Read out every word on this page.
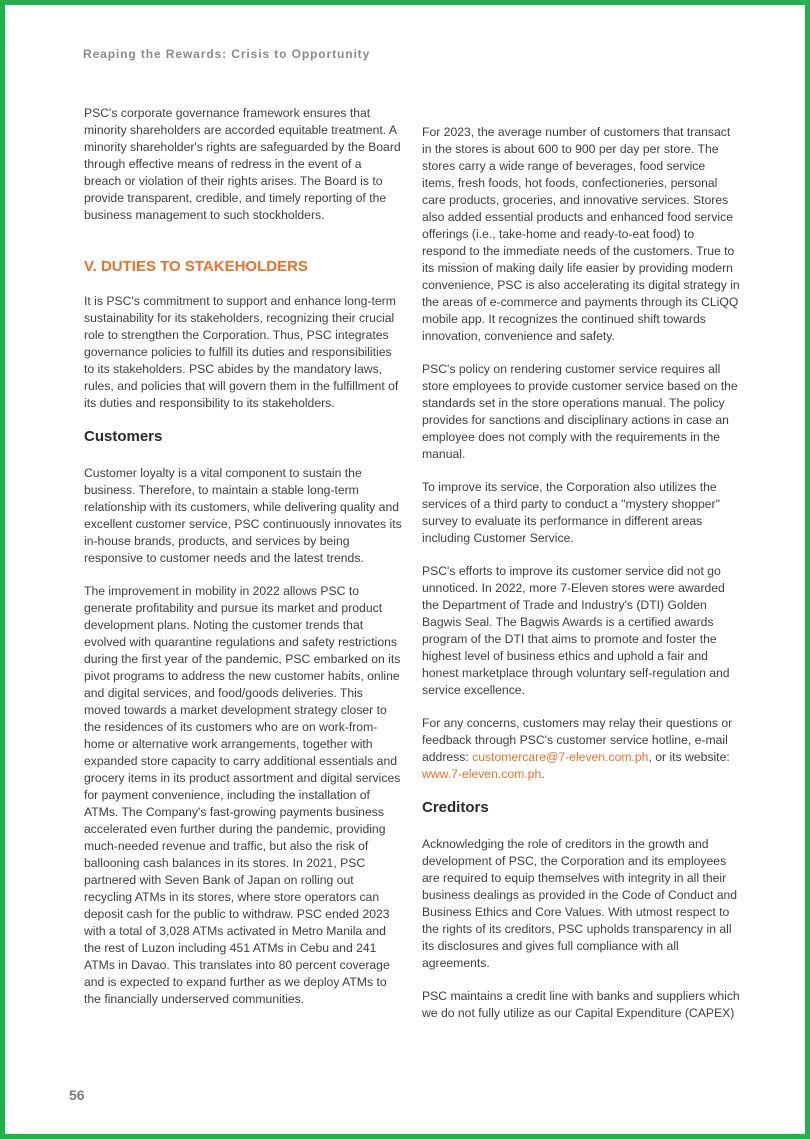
Reaping the Rewards: Crisis to Opportunity

PSC's corporate governance framework ensures that minority shareholders are accorded equitable treatment. A minority shareholder's rights are safeguarded by the Board through effective means of redress in the event of a breach or violation of their rights arises. The Board is to provide transparent, credible, and timely reporting of the business management to such stockholders.

V. DUTIES TO STAKEHOLDERS

It is PSC's commitment to support and enhance long-term sustainability for its stakeholders, recognizing their crucial role to strengthen the Corporation. Thus, PSC integrates governance policies to fulfill its duties and responsibilities to its stakeholders. PSC abides by the mandatory laws, rules, and policies that will govern them in the fulfillment of its duties and responsibility to its stakeholders.

Customers

Customer loyalty is a vital component to sustain the business. Therefore, to maintain a stable long-term relationship with its customers, while delivering quality and excellent customer service, PSC continuously innovates its in-house brands, products, and services by being responsive to customer needs and the latest trends.

The improvement in mobility in 2022 allows PSC to generate profitability and pursue its market and product development plans. Noting the customer trends that evolved with quarantine regulations and safety restrictions during the first year of the pandemic, PSC embarked on its pivot programs to address the new customer habits, online and digital services, and food/goods deliveries. This moved towards a market development strategy closer to the residences of its customers who are on work-from-home or alternative work arrangements, together with expanded store capacity to carry additional essentials and grocery items in its product assortment and digital services for payment convenience, including the installation of ATMs. The Company's fast-growing payments business accelerated even further during the pandemic, providing much-needed revenue and traffic, but also the risk of ballooning cash balances in its stores. In 2021, PSC partnered with Seven Bank of Japan on rolling out recycling ATMs in its stores, where store operators can deposit cash for the public to withdraw. PSC ended 2023 with a total of 3,028 ATMs activated in Metro Manila and the rest of Luzon including 451 ATMs in Cebu and 241 ATMs in Davao. This translates into 80 percent coverage and is expected to expand further as we deploy ATMs to the financially underserved communities.

For 2023, the average number of customers that transact in the stores is about 600 to 900 per day per store. The stores carry a wide range of beverages, food service items, fresh foods, hot foods, confectioneries, personal care products, groceries, and innovative services. Stores also added essential products and enhanced food service offerings (i.e., take-home and ready-to-eat food) to respond to the immediate needs of the customers. True to its mission of making daily life easier by providing modern convenience, PSC is also accelerating its digital strategy in the areas of e-commerce and payments through its CLiQQ mobile app. It recognizes the continued shift towards innovation, convenience and safety.

PSC's policy on rendering customer service requires all store employees to provide customer service based on the standards set in the store operations manual. The policy provides for sanctions and disciplinary actions in case an employee does not comply with the requirements in the manual.

To improve its service, the Corporation also utilizes the services of a third party to conduct a "mystery shopper" survey to evaluate its performance in different areas including Customer Service.

PSC's efforts to improve its customer service did not go unnoticed. In 2022, more 7-Eleven stores were awarded the Department of Trade and Industry's (DTI) Golden Bagwis Seal. The Bagwis Awards is a certified awards program of the DTI that aims to promote and foster the highest level of business ethics and uphold a fair and honest marketplace through voluntary self-regulation and service excellence.

For any concerns, customers may relay their questions or feedback through PSC's customer service hotline, e-mail address: customercare@7-eleven.com.ph, or its website: www.7-eleven.com.ph.

Creditors

Acknowledging the role of creditors in the growth and development of PSC, the Corporation and its employees are required to equip themselves with integrity in all their business dealings as provided in the Code of Conduct and Business Ethics and Core Values. With utmost respect to the rights of its creditors, PSC upholds transparency in all its disclosures and gives full compliance with all agreements.

PSC maintains a credit line with banks and suppliers which we do not fully utilize as our Capital Expenditure (CAPEX)

56
